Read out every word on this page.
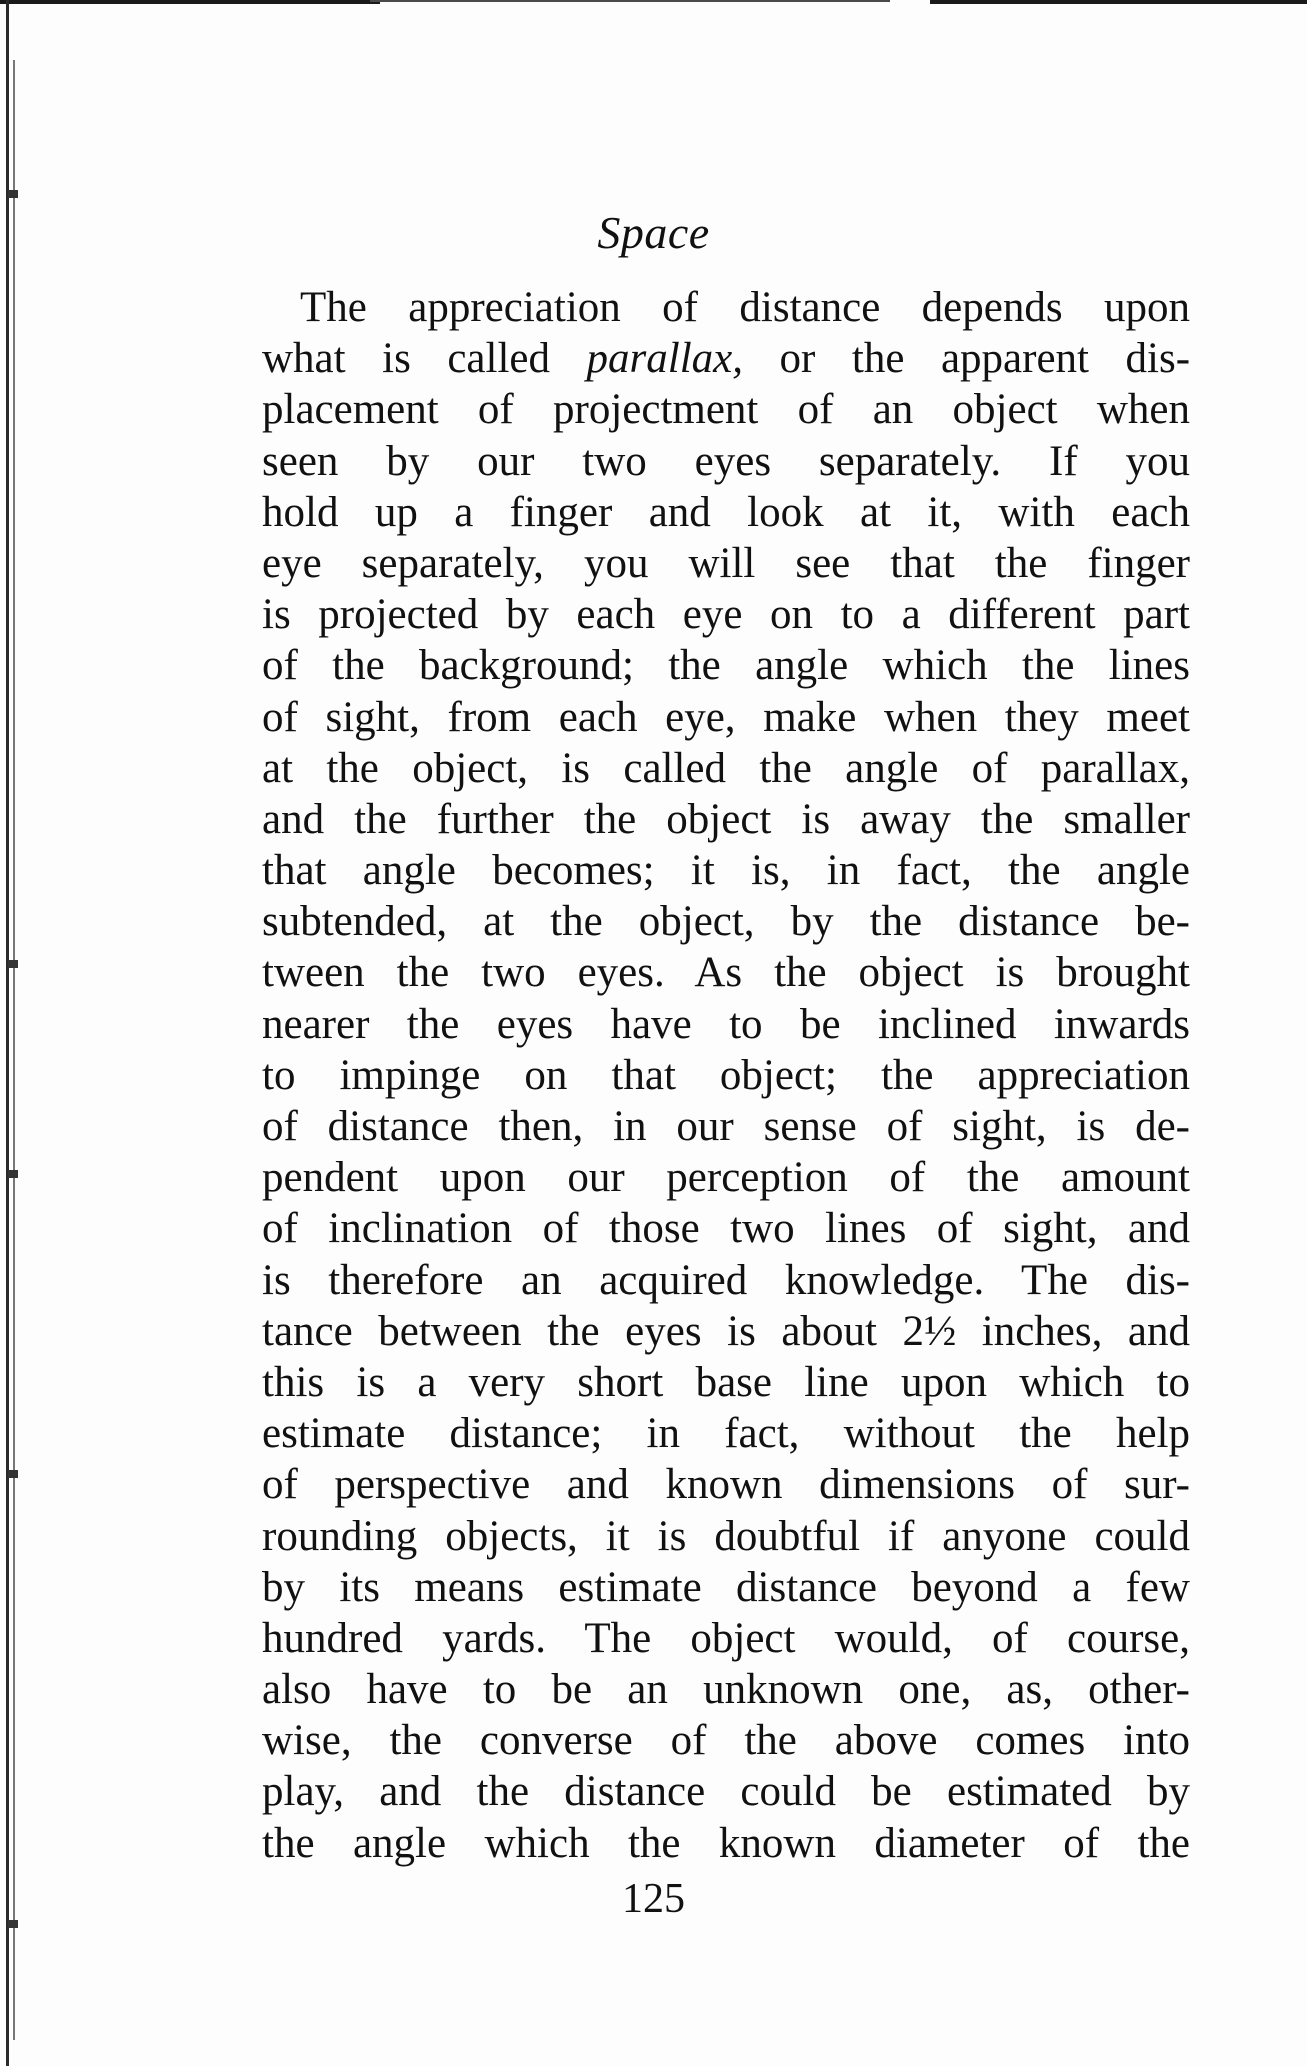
Space
The appreciation of distance depends upon
what is called parallax, or the apparent dis-
placement of projectment of an object when
seen by our two eyes separately. If you
hold up a finger and look at it, with each
eye separately, you will see that the finger
is projected by each eye on to a different part
of the background; the angle which the lines
of sight, from each eye, make when they meet
at the object, is called the angle of parallax,
and the further the object is away the smaller
that angle becomes; it is, in fact, the angle
subtended, at the object, by the distance be-
tween the two eyes. As the object is brought
nearer the eyes have to be inclined inwards
to impinge on that object; the appreciation
of distance then, in our sense of sight, is de-
pendent upon our perception of the amount
of inclination of those two lines of sight, and
is therefore an acquired knowledge. The dis-
tance between the eyes is about 2½ inches, and
this is a very short base line upon which to
estimate distance; in fact, without the help
of perspective and known dimensions of sur-
rounding objects, it is doubtful if anyone could
by its means estimate distance beyond a few
hundred yards. The object would, of course,
also have to be an unknown one, as, other-
wise, the converse of the above comes into
play, and the distance could be estimated by
the angle which the known diameter of the
125
